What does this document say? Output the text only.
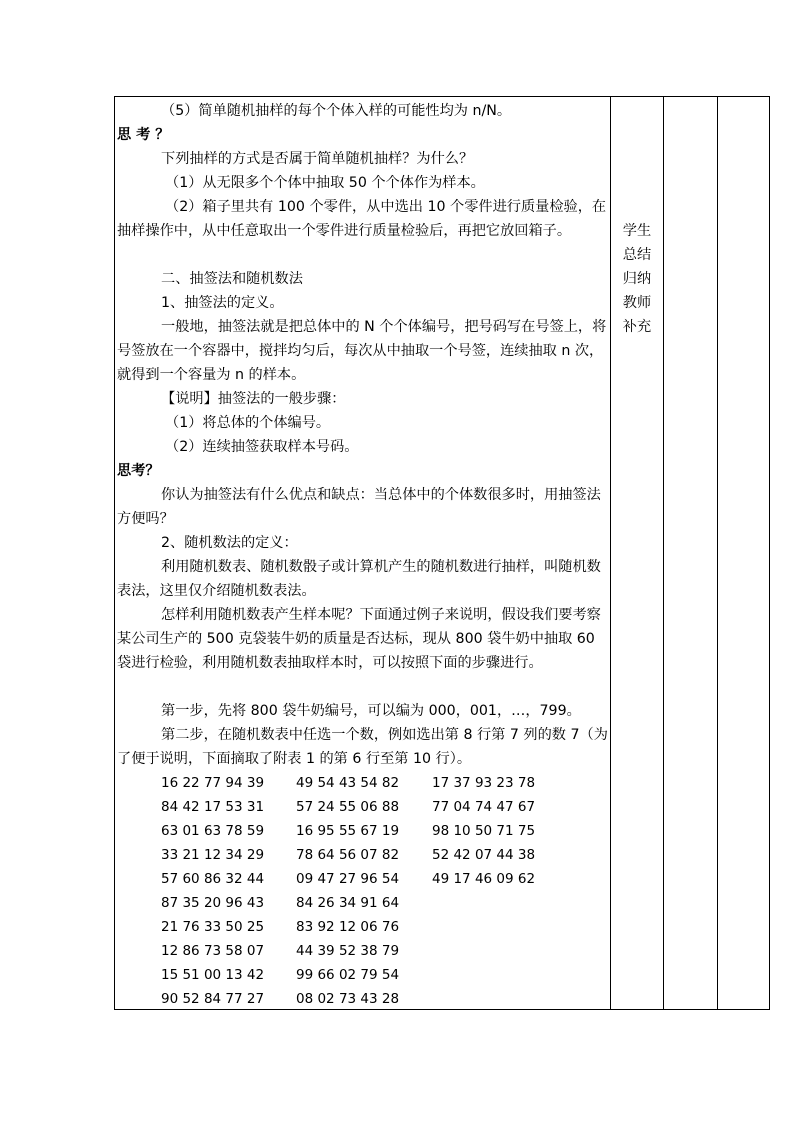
（5）简单随机抽样的每个个体入样的可能性均为 n/N。
思 考 ？
下列抽样的方式是否属于简单随机抽样？为什么？
（1）从无限多个个体中抽取 50 个个体作为样本。
（2）箱子里共有 100 个零件，从中选出 10 个零件进行质量检验，在抽样操作中，从中任意取出一个零件进行质量检验后，再把它放回箱子。
二、抽签法和随机数法
1、抽签法的定义。
一般地，抽签法就是把总体中的 N 个个体编号，把号码写在号签上，将号签放在一个容器中，搅拌均匀后，每次从中抽取一个号签，连续抽取 n 次，就得到一个容量为 n 的样本。
【说明】抽签法的一般步骤：
（1）将总体的个体编号。
（2）连续抽签获取样本号码。
思考？
你认为抽签法有什么优点和缺点：当总体中的个体数很多时，用抽签法方便吗？
2、随机数法的定义：
利用随机数表、随机数骰子或计算机产生的随机数进行抽样，叫随机数表法，这里仅介绍随机数表法。
怎样利用随机数表产生样本呢？下面通过例子来说明，假设我们要考察某公司生产的 500 克袋装牛奶的质量是否达标，现从 800 袋牛奶中抽取 60 袋进行检验，利用随机数表抽取样本时，可以按照下面的步骤进行。
第一步，先将 800 袋牛奶编号，可以编为 000，001，…，799。
第二步，在随机数表中任选一个数，例如选出第 8 行第 7 列的数 7（为了便于说明，下面摘取了附表 1 的第 6 行至第 10 行）。
16 22 77 94 39
84 42 17 53 31
63 01 63 78 59
33 21 12 34 29
57 60 86 32 44
87 35 20 96 43
21 76 33 50 25
12 86 73 58 07
15 51 00 13 42
90 52 84 77 27
49 54 43 54 82
57 24 55 06 88
16 95 55 67 19
78 64 56 07 82
09 47 27 96 54
84 26 34 91 64
83 92 12 06 76
44 39 52 38 79
99 66 02 79 54
08 02 73 43 28
17 37 93 23 78
77 04 74 47 67
98 10 50 71 75
52 42 07 44 38
49 17 46 09 62
学生
总结
归纳
教师
补充
